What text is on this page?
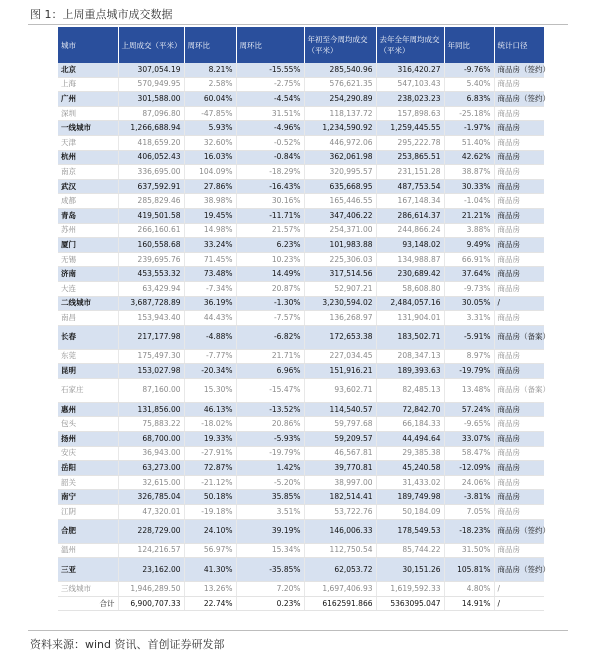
图 1：上周重点城市成交数据
城市	上周成交（平米）	周环比	周环比	年初至今周均成交（平米）	去年全年周均成交（平米）	年同比	统计口径
北京	307,054.19	8.21%	-15.55%	285,540.96	316,420.27	-9.76%	商品房（签约）
上海	570,949.95	2.58%	-2.75%	576,621.35	547,103.43	5.40%	商品房
广州	301,588.00	60.04%	-4.54%	254,290.89	238,023.23	6.83%	商品房（签约）
深圳	87,096.80	-47.85%	31.51%	118,137.72	157,898.63	-25.18%	商品房
一线城市	1,266,688.94	5.93%	-4.96%	1,234,590.92	1,259,445.55	-1.97%	商品房
天津	418,659.20	32.60%	-0.52%	446,972.06	295,222.78	51.40%	商品房
杭州	406,052.43	16.03%	-0.84%	362,061.98	253,865.51	42.62%	商品房
南京	336,695.00	104.09%	-18.29%	320,995.57	231,151.28	38.87%	商品房
武汉	637,592.91	27.86%	-16.43%	635,668.95	487,753.54	30.33%	商品房
成都	285,829.46	38.98%	30.16%	165,446.55	167,148.34	-1.04%	商品房
青岛	419,501.58	19.45%	-11.71%	347,406.22	286,614.37	21.21%	商品房
苏州	266,160.61	14.98%	21.57%	254,371.00	244,866.24	3.88%	商品房
厦门	160,558.68	33.24%	6.23%	101,983.88	93,148.02	9.49%	商品房
无锡	239,695.76	71.45%	10.23%	225,306.03	134,988.87	66.91%	商品房
济南	453,553.32	73.48%	14.49%	317,514.56	230,689.42	37.64%	商品房
大连	63,429.94	-7.34%	20.87%	52,907.21	58,608.80	-9.73%	商品房
二线城市	3,687,728.89	36.19%	-1.30%	3,230,594.02	2,484,057.16	30.05%	/
南昌	153,943.40	44.43%	-7.57%	136,268.97	131,904.01	3.31%	商品房
长春	217,177.98	-4.88%	-6.82%	172,653.38	183,502.71	-5.91%	商品房（备案）
东莞	175,497.30	-7.77%	21.71%	227,034.45	208,347.13	8.97%	商品房
昆明	153,027.98	-20.34%	6.96%	151,916.21	189,393.63	-19.79%	商品房
石家庄	87,160.00	15.30%	-15.47%	93,602.71	82,485.13	13.48%	商品房（备案）
惠州	131,856.00	46.13%	-13.52%	114,540.57	72,842.70	57.24%	商品房
包头	75,883.22	-18.02%	20.86%	59,797.68	66,184.33	-9.65%	商品房
扬州	68,700.00	19.33%	-5.93%	59,209.57	44,494.64	33.07%	商品房
安庆	36,943.00	-27.91%	-19.79%	46,567.81	29,385.38	58.47%	商品房
岳阳	63,273.00	72.87%	1.42%	39,770.81	45,240.58	-12.09%	商品房
韶关	32,615.00	-21.12%	-5.20%	38,997.00	31,433.02	24.06%	商品房
南宁	326,785.04	50.18%	35.85%	182,514.41	189,749.98	-3.81%	商品房
江阴	47,320.01	-19.18%	3.51%	53,722.76	50,184.09	7.05%	商品房
合肥	228,729.00	24.10%	39.19%	146,006.33	178,549.53	-18.23%	商品房（签约）
温州	124,216.57	56.97%	15.34%	112,750.54	85,744.22	31.50%	商品房
三亚	23,162.00	41.30%	-35.85%	62,053.72	30,151.26	105.81%	商品房（签约）
三线城市	1,946,289.50	13.26%	7.20%	1,697,406.93	1,619,592.33	4.80%	/
合计	6,900,707.33	22.74%	0.23%	6162591.866	5363095.047	14.91%	/
资料来源：wind 资讯、首创证券研发部
